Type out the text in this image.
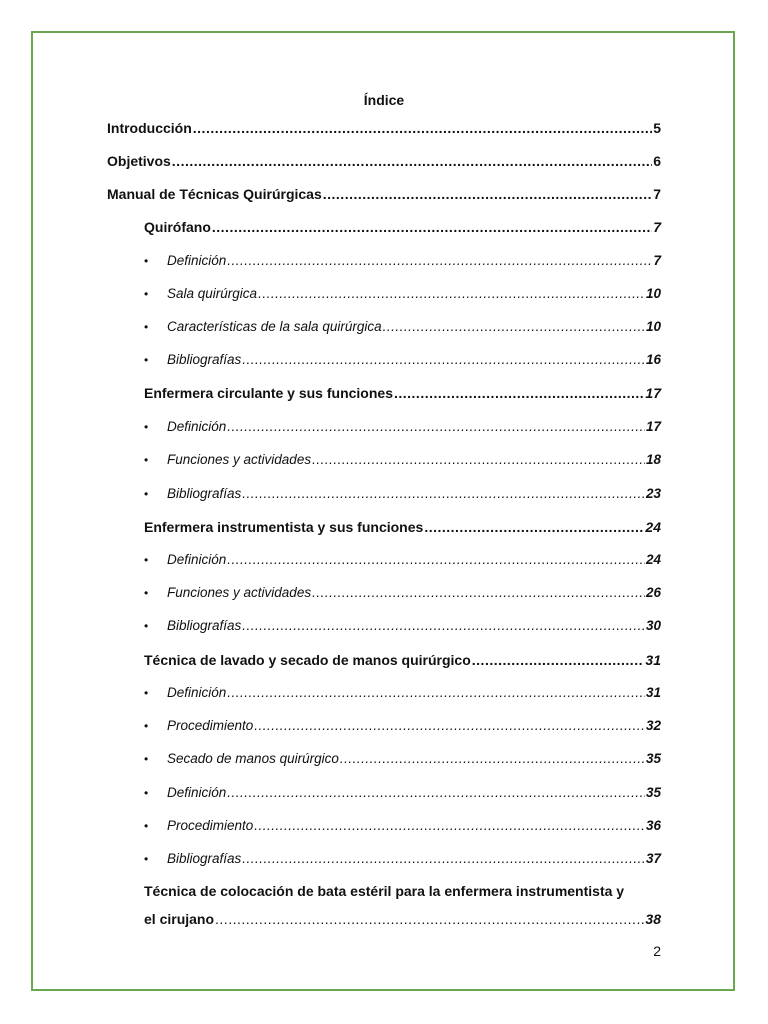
Índice
Introducción .....	5
Objetivos .....	6
Manual de Técnicas Quirúrgicas .....	7
Quirófano .....	7
•	Definición .....	7
•	Sala quirúrgica .....	10
•	Características de la sala quirúrgica .....	10
•	Bibliografías .....	16
Enfermera circulante y sus funciones .....	17
•	Definición .....	17
•	Funciones y actividades .....	18
•	Bibliografías .....	23
Enfermera instrumentista y sus funciones .....	24
•	Definición .....	24
•	Funciones y actividades .....	26
•	Bibliografías .....	30
Técnica de lavado y secado de manos quirúrgico .....	31
•	Definición .....	31
•	Procedimiento .....	32
•	Secado de manos quirúrgico .....	35
•	Definición .....	35
•	Procedimiento .....	36
•	Bibliografías .....	37
Técnica de colocación de bata estéril para la enfermera instrumentista y
el cirujano .....	38
2
